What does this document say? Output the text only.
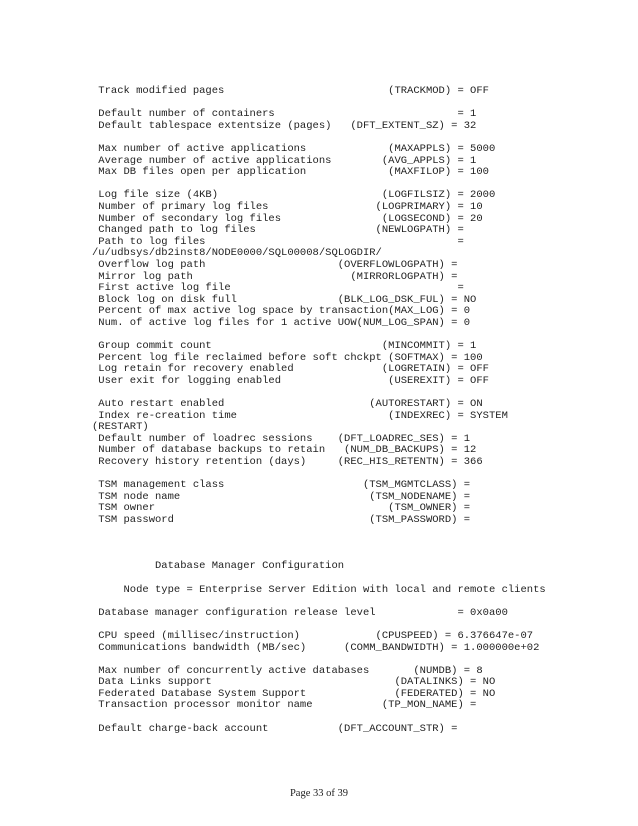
Track modified pages                          (TRACKMOD) = OFF

Default number of containers                             = 1
Default tablespace extentsize (pages)   (DFT_EXTENT_SZ) = 32

Max number of active applications             (MAXAPPLS) = 5000
Average number of active applications        (AVG_APPLS) = 1
Max DB files open per application             (MAXFILOP) = 100

Log file size (4KB)                          (LOGFILSIZ) = 2000
Number of primary log files                 (LOGPRIMARY) = 10
Number of secondary log files                (LOGSECOND) = 20
Changed path to log files                   (NEWLOGPATH) =
Path to log files                                        =
/u/udbsys/db2inst8/NODE0000/SQL00008/SQLOGDIR/
Overflow log path                     (OVERFLOWLOGPATH) =
Mirror log path                         (MIRRORLOGPATH) =
First active log file                                    =
Block log on disk full                (BLK_LOG_DSK_FUL) = NO
Percent of max active log space by transaction(MAX_LOG) = 0
Num. of active log files for 1 active UOW(NUM_LOG_SPAN) = 0

Group commit count                           (MINCOMMIT) = 1
Percent log file reclaimed before soft chckpt (SOFTMAX) = 100
Log retain for recovery enabled              (LOGRETAIN) = OFF
User exit for logging enabled                 (USEREXIT) = OFF

Auto restart enabled                       (AUTORESTART) = ON
Index re-creation time                        (INDEXREC) = SYSTEM
(RESTART)
Default number of loadrec sessions    (DFT_LOADREC_SES) = 1
Number of database backups to retain   (NUM_DB_BACKUPS) = 12
Recovery history retention (days)     (REC_HIS_RETENTN) = 366

TSM management class                      (TSM_MGMTCLASS) =
TSM node name                              (TSM_NODENAME) =
TSM owner                                     (TSM_OWNER) =
TSM password                               (TSM_PASSWORD) =

Database Manager Configuration

Node type = Enterprise Server Edition with local and remote clients

Database manager configuration release level             = 0x0a00

CPU speed (millisec/instruction)            (CPUSPEED) = 6.376647e-07
Communications bandwidth (MB/sec)      (COMM_BANDWIDTH) = 1.000000e+02

Max number of concurrently active databases       (NUMDB) = 8
Data Links support                             (DATALINKS) = NO
Federated Database System Support              (FEDERATED) = NO
Transaction processor monitor name           (TP_MON_NAME) =

Default charge-back account           (DFT_ACCOUNT_STR) =
Page 33 of 39
